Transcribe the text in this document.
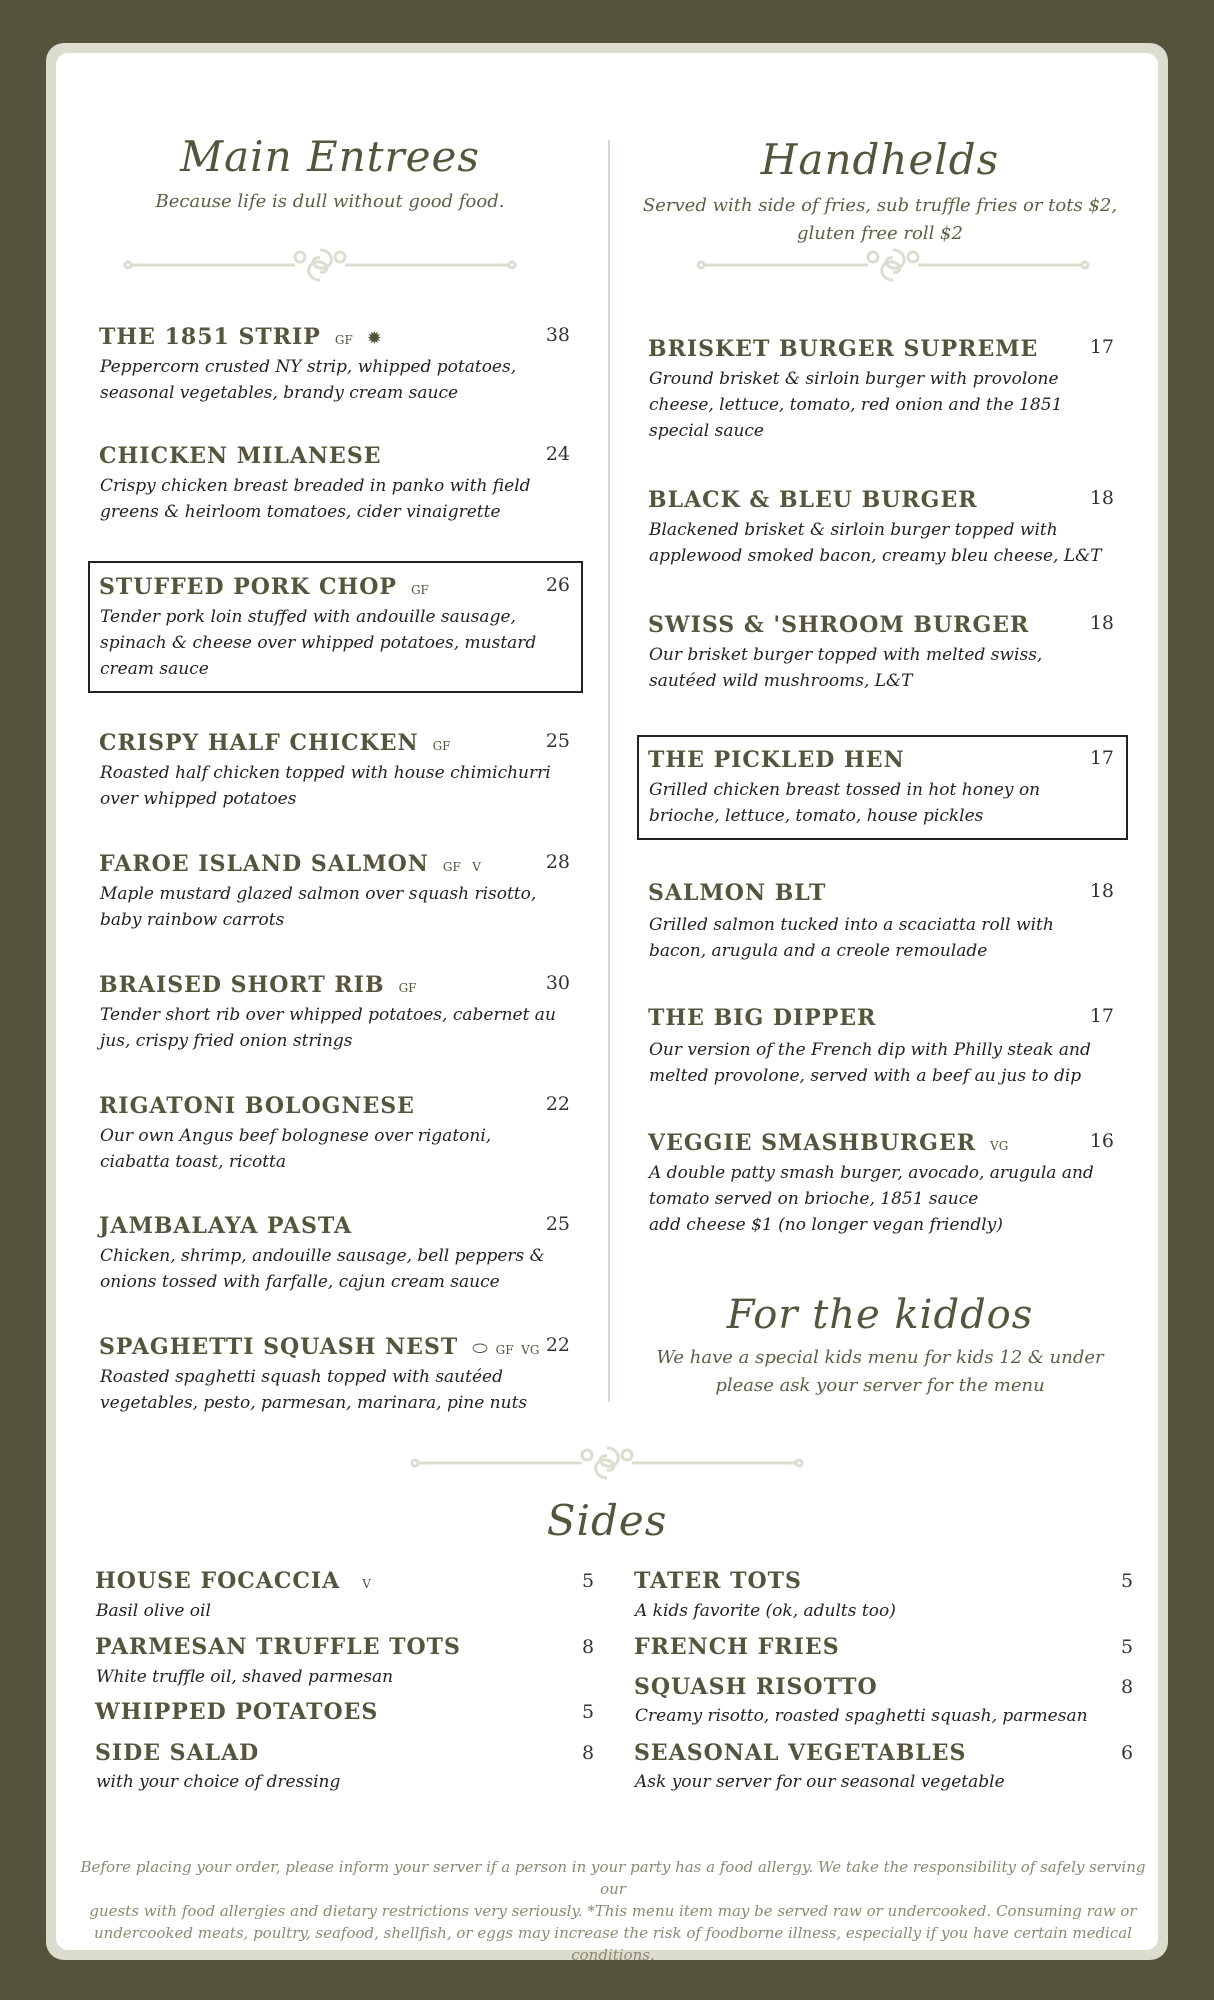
Main Entrees
Because life is dull without good food.
Handhelds
Served with side of fries, sub truffle fries or tots $2,
gluten free roll $2
THE 1851 STRIP GF ✹	38
Peppercorn crusted NY strip, whipped potatoes,
seasonal vegetables, brandy cream sauce
CHICKEN MILANESE	24
Crispy chicken breast breaded in panko with field
greens & heirloom tomatoes, cider vinaigrette
STUFFED PORK CHOP GF	26
Tender pork loin stuffed with andouille sausage,
spinach & cheese over whipped potatoes, mustard
cream sauce
CRISPY HALF CHICKEN GF	25
Roasted half chicken topped with house chimichurri
over whipped potatoes
FAROE ISLAND SALMON GF   V	28
Maple mustard glazed salmon over squash risotto,
baby rainbow carrots
BRAISED SHORT RIB GF	30
Tender short rib over whipped potatoes, cabernet au
jus, crispy fried onion strings
RIGATONI BOLOGNESE	22
Our own Angus beef bolognese over rigatoni,
ciabatta toast, ricotta
JAMBALAYA PASTA	25
Chicken, shrimp, andouille sausage, bell peppers &
onions tossed with farfalle, cajun cream sauce
SPAGHETTI SQUASH NEST ⬭ GF  VG 22
Roasted spaghetti squash topped with sautéed
vegetables, pesto, parmesan, marinara, pine nuts
BRISKET BURGER SUPREME	17
Ground brisket & sirloin burger with provolone
cheese, lettuce, tomato, red onion and the 1851
special sauce
BLACK & BLEU BURGER	18
Blackened brisket & sirloin burger topped with
applewood smoked bacon, creamy bleu cheese, L&T
SWISS & 'SHROOM BURGER	18
Our brisket burger topped with melted swiss,
sautéed wild mushrooms, L&T
THE PICKLED HEN	17
Grilled chicken breast tossed in hot honey on
brioche, lettuce, tomato, house pickles
SALMON BLT	18
Grilled salmon tucked into a scaciatta roll with
bacon, arugula and a creole remoulade
THE BIG DIPPER	17
Our version of the French dip with Philly steak and
melted provolone, served with a beef au jus to dip
VEGGIE SMASHBURGER VG	16
A double patty smash burger, avocado, arugula and
tomato served on brioche, 1851 sauce
add cheese $1 (no longer vegan friendly)
For the kiddos
We have a special kids menu for kids 12 & under
please ask your server for the menu
Sides
HOUSE FOCACCIA V	5
Basil olive oil
PARMESAN TRUFFLE TOTS	8
White truffle oil, shaved parmesan
WHIPPED POTATOES	5
SIDE SALAD	8
with your choice of dressing
TATER TOTS	5
A kids favorite (ok, adults too)
FRENCH FRIES	5
SQUASH RISOTTO	8
Creamy risotto, roasted spaghetti squash, parmesan
SEASONAL VEGETABLES	6
Ask your server for our seasonal vegetable
Before placing your order, please inform your server if a person in your party has a food allergy. We take the responsibility of safely serving our
guests with food allergies and dietary restrictions very seriously. *This menu item may be served raw or undercooked. Consuming raw or
undercooked meats, poultry, seafood, shellfish, or eggs may increase the risk of foodborne illness, especially if you have certain medical
conditions.
